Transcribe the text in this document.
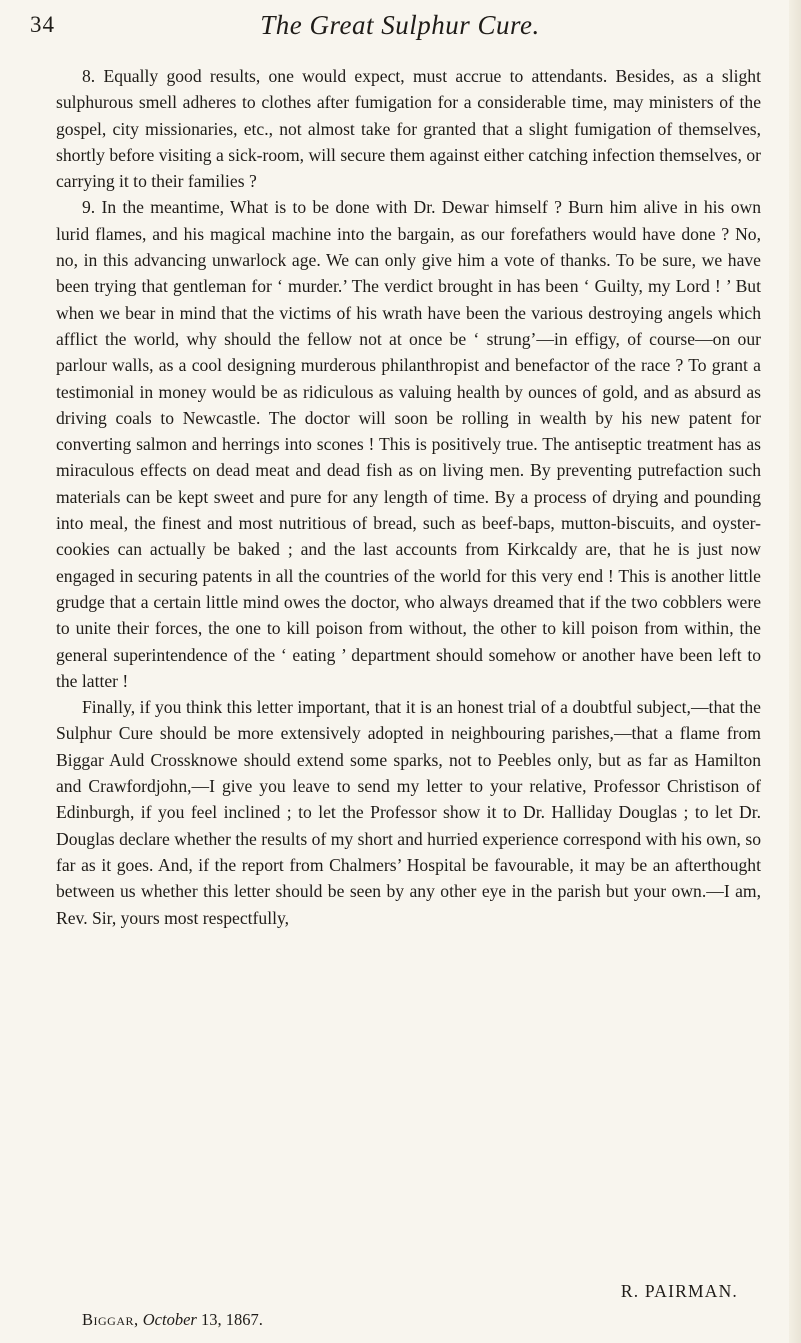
34	The Great Sulphur Cure.

8. Equally good results, one would expect, must accrue to attendants. Besides, as a slight sulphurous smell adheres to clothes after fumigation for a considerable time, may ministers of the gospel, city missionaries, etc., not almost take for granted that a slight fumigation of themselves, shortly before visiting a sick-room, will secure them against either catching infection themselves, or carrying it to their families ?

9. In the meantime, What is to be done with Dr. Dewar himself ? Burn him alive in his own lurid flames, and his magical machine into the bargain, as our forefathers would have done ? No, no, in this advancing unwarlock age. We can only give him a vote of thanks. To be sure, we have been trying that gentleman for ‘ murder.’ The verdict brought in has been ‘ Guilty, my Lord ! ’ But when we bear in mind that the victims of his wrath have been the various destroying angels which afflict the world, why should the fellow not at once be ‘ strung’—in effigy, of course—on our parlour walls, as a cool designing murderous philanthropist and benefactor of the race ? To grant a testimonial in money would be as ridiculous as valuing health by ounces of gold, and as absurd as driving coals to Newcastle. The doctor will soon be rolling in wealth by his new patent for converting salmon and herrings into scones ! This is positively true. The antiseptic treatment has as miraculous effects on dead meat and dead fish as on living men. By preventing putrefaction such materials can be kept sweet and pure for any length of time. By a process of drying and pounding into meal, the finest and most nutritious of bread, such as beef-baps, mutton-biscuits, and oyster-cookies can actually be baked ; and the last accounts from Kirkcaldy are, that he is just now engaged in securing patents in all the countries of the world for this very end ! This is another little grudge that a certain little mind owes the doctor, who always dreamed that if the two cobblers were to unite their forces, the one to kill poison from without, the other to kill poison from within, the general superintendence of the ‘ eating ’ department should somehow or another have been left to the latter !

Finally, if you think this letter important, that it is an honest trial of a doubtful subject,—that the Sulphur Cure should be more extensively adopted in neighbouring parishes,—that a flame from Biggar Auld Crossknowe should extend some sparks, not to Peebles only, but as far as Hamilton and Crawfordjohn,—I give you leave to send my letter to your relative, Professor Christison of Edinburgh, if you feel inclined ; to let the Professor show it to Dr. Halliday Douglas ; to let Dr. Douglas declare whether the results of my short and hurried experience correspond with his own, so far as it goes. And, if the report from Chalmers’ Hospital be favourable, it may be an afterthought between us whether this letter should be seen by any other eye in the parish but your own.—I am, Rev. Sir, yours most respectfully,

R. PAIRMAN.
Biggar, October 13, 1867.
